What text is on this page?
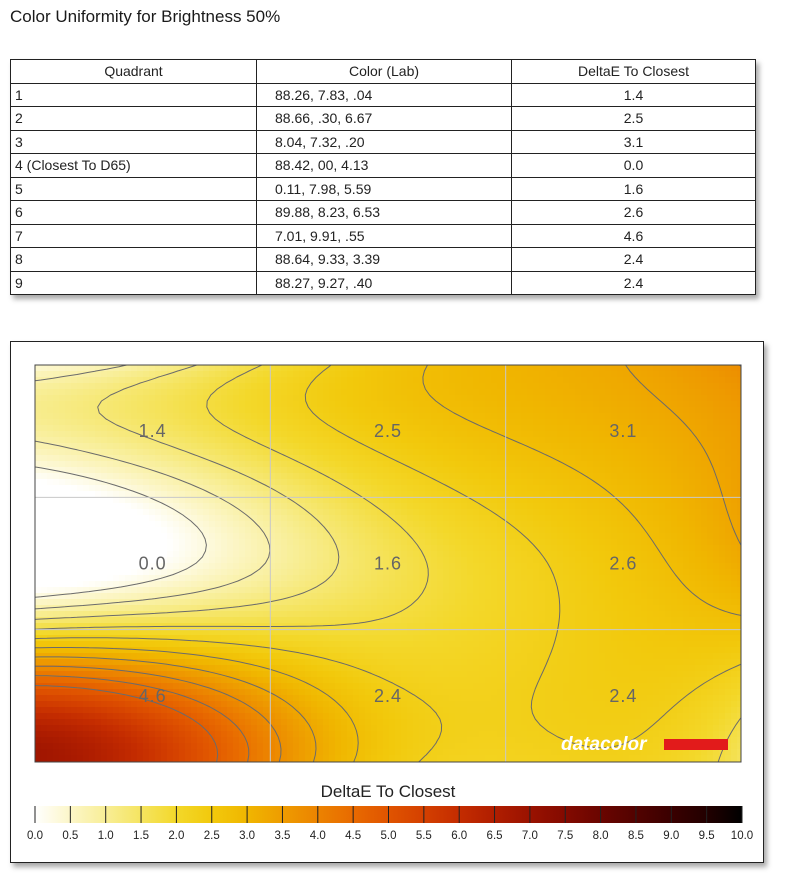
Color Uniformity for Brightness 50%
Quadrant	Color (Lab)	DeltaE To Closest
1	88.26, 7.83, .04	1.4
2	88.66, .30, 6.67	2.5
3	8.04, 7.32, .20	3.1
4 (Closest To D65)	88.42, 00, 4.13	0.0
5	0.11, 7.98, 5.59	1.6
6	89.88, 8.23, 6.53	2.6
7	7.01, 9.91, .55	4.6
8	88.64, 9.33, 3.39	2.4
9	88.27, 9.27, .40	2.4
1.4	2.5	3.1
0.0	1.6	2.6
4.6	2.4	2.4
datacolor
DeltaE To Closest
0.0 0.5 1.0 1.5 2.0 2.5 3.0 3.5 4.0 4.5 5.0 5.5 6.0 6.5 7.0 7.5 8.0 8.5 9.0 9.5 10.0
